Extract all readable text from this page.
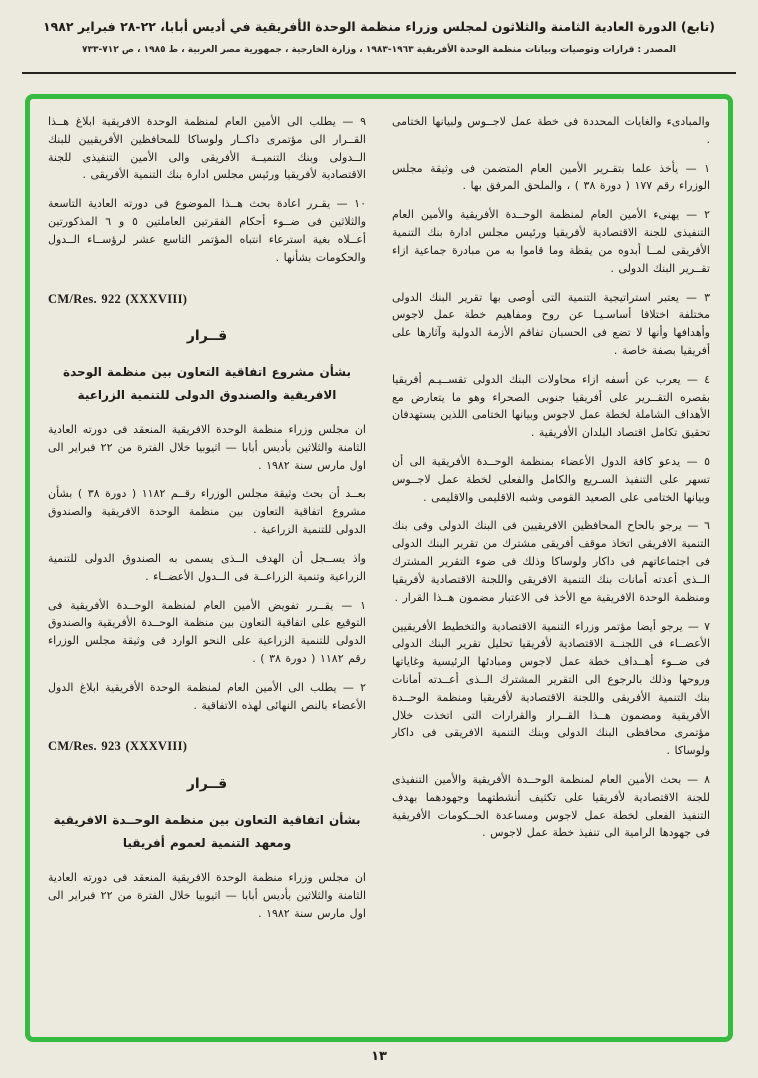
(تابع) الدورة العادية الثامنة والثلاثون لمجلس وزراء منظمة الوحدة الأفريقية في أديس أبابا، ٢٢-٢٨ فبراير ١٩٨٢
المصدر : قرارات وتوصيات وبيانات منظمة الوحدة الأفريقية ١٩٦٣-١٩٨٣ ، وزارة الخارجية ، جمهورية مصر العربية ، ط ١٩٨٥ ، ص ٧١٢-٧٣٣

والمبادىء والغايات المحددة فى خطة عمل لاجــوس ولبيانها الختامى .

١ — يأخذ علما بتقـرير الأمين العام المتضمن فى وثيقة مجلس الوزراء رقم ١٧٧ ( دورة ٣٨ ) ، والملحق المرفق بها .

٢ — يهنىء الأمين العام لمنظمة الوحــدة الأفريقية والأمين العام التنفيذى للجنة الاقتصادية لأفريقيا ورئيس مجلس ادارة بنك التنمية الأفريقى لمــا أبدوه من يقظة وما قاموا به من مبادرة جماعية ازاء تقــرير البنك الدولى .

٣ — يعتبر استراتيجية التنمية التى أوصى بها تقرير البنك الدولى مختلفة اختلافا أساسـيـا عن روح ومفاهيم خطة عمل لاجوس وأهدافها وأنها لا تضع فى الحسبان تفاقم الأزمة الدولية وآثارها على أفريقيا بصفة خاصة .

٤ — يعرب عن أسفه ازاء محاولات البنك الدولى تقســيـم أفريقيا بقصره التقــرير على أفريقيا جنوبى الصحراء وهو ما يتعارض مع الأهداف الشاملة لخطة عمل لاجوس وبيانها الختامى اللذين يستهدفان تحقيق تكامل اقتصاد البلدان الأفريقية .

٥ — يدعو كافة الدول الأعضاء بمنظمة الوحــدة الأفريقية الى أن تسهر على التنفيذ السـريع والكامل والفعلى لخطة عمل لاجــوس وبيانها الختامى على الصعيد القومى وشبه الاقليمى والاقليمى .

٦ — يرجو بالحاح المحافظين الافريقيين فى البنك الدولى وفى بنك التنمية الافريقى اتخاذ موقف أفريقى مشترك من تقرير البنك الدولى فى اجتماعاتهم فى داكار ولوساكا وذلك فى ضوء التقرير المشترك الــذى أعدته أمانات بنك التنمية الافريقى واللجنة الاقتصادية لأفريقيا ومنظمة الوحدة الافريقية مع الأخذ فى الاعتبار مضمون هــذا القرار .

٧ — يرجو أيضا مؤتمر وزراء التنمية الاقتصادية والتخطيط الأفريقيين الأعضــاء فى اللجنــة الاقتصادية لأفريقيا تحليل تقرير البنك الدولى فى ضــوء أهــداف خطة عمل لاجوس ومبادئها الرئيسية وغاياتها وروحها وذلك بالرجوع الى التقرير المشترك الــذى أعــدته أمانات بنك التنمية الأفريقى واللجنة الاقتصادية لأفريقيا ومنظمة الوحــدة الأفريقية ومضمون هــذا القــرار والقرارات التى اتخذت خلال مؤتمرى محافظى البنك الدولى وبنك التنمية الافريقى فى داكار ولوساكا .

٨ — بحث الأمين العام لمنظمة الوحــدة الأفريقية والأمين التنفيذى للجنة الاقتصادية لأفريقيا على تكثيف أنشطتهما وجهودهما بهدف التنفيذ الفعلى لخطة عمل لاجوس ومساعدة الحــكومات الأفريقية فى جهودها الرامية الى تنفيذ خطة عمل لاجوس .

٩ — يطلب الى الأمين العام لمنظمة الوحدة الافريقية ابلاغ هــذا القــرار الى مؤتمرى داكــار ولوساكا للمحافظين الأفريقيين للبنك الــدولى وبنك التنميــة الأفريقى والى الأمين التنفيذى للجنة الاقتصادية لأفريقيا ورئيس مجلس ادارة بنك التنمية الأفريقى .

١٠ — يقـرر اعادة بحث هــذا الموضوع فى دورته العادية التاسعة والثلاثين فى ضــوء أحكام الفقرتين العاملتين ٥ و ٦ المذكورتين أعــلاه بغية استرعاء انتباه المؤتمر التاسع عشر لرؤســاء الــدول والحكومات بشأنها .

CM/Res. 922 (XXXVIII)

قــرار

بشأن مشروع اتفاقية التعاون بين منظمة الوحدة الافريقية والصندوق الدولى للتنمية الزراعية

ان مجلس وزراء منظمة الوحدة الافريقية المنعقد فى دورته العادية الثامنة والثلاثين بأديس أبابا — اثيوبيا خلال الفترة من ٢٢ فبراير الى اول مارس سنة ١٩٨٢ .

بعــد أن بحث وثيقة مجلس الوزراء رقــم ١١٨٢ ( دورة ٣٨ ) بشأن مشروع اتفاقية التعاون بين منظمة الوحدة الافريقية والصندوق الدولى للتنمية الزراعية .

واذ يســجل أن الهدف الــذى يسمى به الصندوق الدولى للتنمية الزراعية وتنمية الزراعــة فى الــدول الأعضــاء .

١ — يقــرر تفويض الأمين العام لمنظمة الوحــدة الأفريقية فى التوقيع على اتفاقية التعاون بين منظمة الوحــدة الأفريقية والصندوق الدولى للتنمية الزراعية على النحو الوارد فى وثيقة مجلس الوزراء رقم ١١٨٢ ( دورة ٣٨ ) .

٢ — يطلب الى الأمين العام لمنظمة الوحدة الأفريقية ابلاغ الدول الأعضاء بالنص النهائى لهذه الاتفاقية .

CM/Res. 923 (XXXVIII)

قــرار

بشأن اتفاقية التعاون بين منظمة الوحــدة الافريقية ومعهد التنمية لعموم أفريقيا

ان مجلس وزراء منظمة الوحدة الافريقية المنعقد فى دورته العادية الثامنة والثلاثين بأديس أبابا — اثيوبيا خلال الفترة من ٢٢ فبراير الى اول مارس سنة ١٩٨٢ .

١٣
